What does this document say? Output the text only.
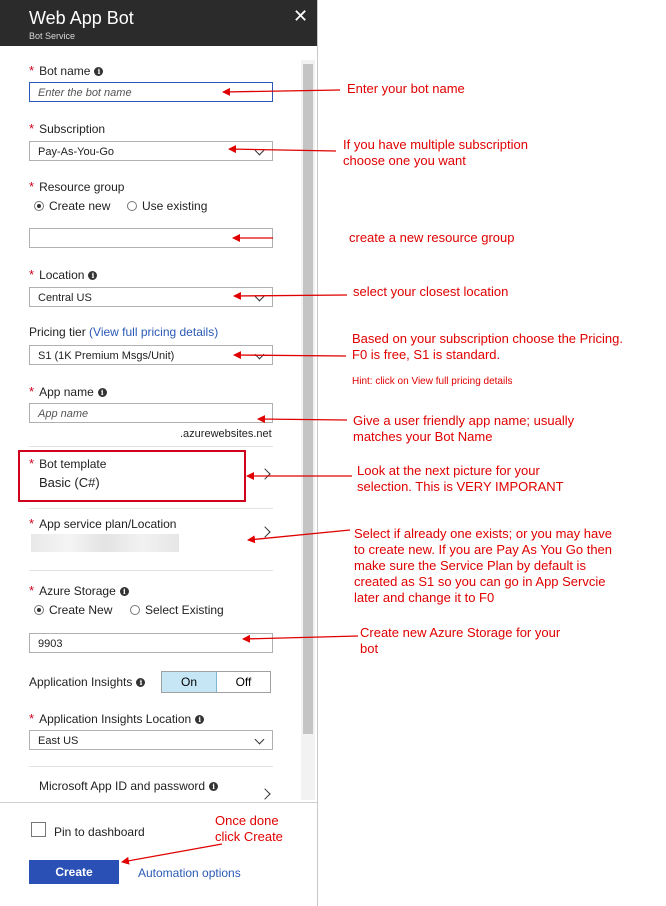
Web App Bot
Bot Service
✕
* Bot name i
Enter the bot name
* Subscription
Pay-As-You-Go
* Resource group
Create new	Use existing
* Location i
Central US
Pricing tier (View full pricing details)
S1 (1K Premium Msgs/Unit)
* App name i
App name
.azurewebsites.net
* Bot template
Basic (C#)
* App service plan/Location
* Azure Storage i
Create New	Select Existing
9903
Application Insights i	On	Off
* Application Insights Location i
East US
Microsoft App ID and password i
Pin to dashboard
Create	Automation options
Enter your bot name
If you have multiple subscription
choose one you want
create a new resource group
select your closest location
Based on your subscription choose the Pricing.
F0 is free, S1 is standard.
Hint: click on View full pricing details
Give a user friendly app name; usually
matches your Bot Name
Look at the next picture for your
selection. This is VERY IMPORANT
Select if already one exists; or you may have
to create new. If you are Pay As You Go then
make sure the Service Plan by default is
created as S1 so you can go in App Servcie
later and change it to F0
Create new Azure Storage for your
bot
Once done
click Create
